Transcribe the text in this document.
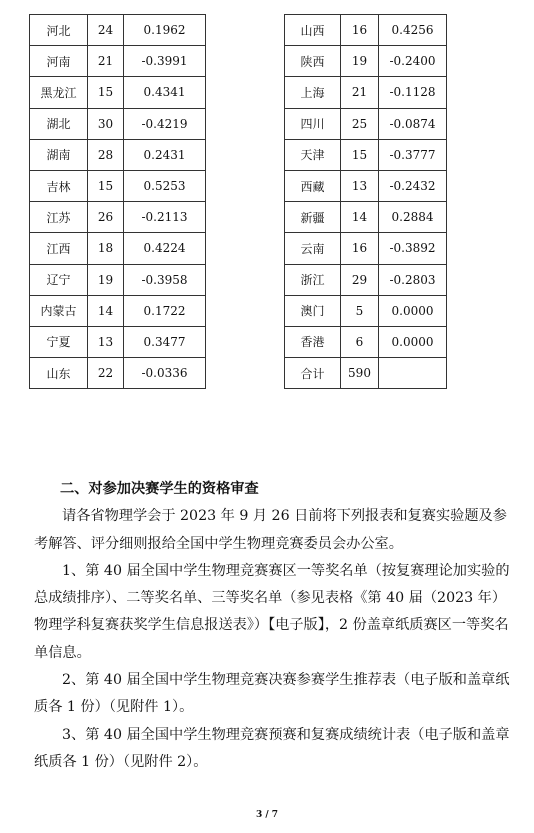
河北	24	0.1962
河南	21	-0.3991
黑龙江	15	0.4341
湖北	30	-0.4219
湖南	28	0.2431
吉林	15	0.5253
江苏	26	-0.2113
江西	18	0.4224
辽宁	19	-0.3958
内蒙古	14	0.1722
宁夏	13	0.3477
山东	22	-0.0336
山西	16	0.4256
陕西	19	-0.2400
上海	21	-0.1128
四川	25	-0.0874
天津	15	-0.3777
西藏	13	-0.2432
新疆	14	0.2884
云南	16	-0.3892
浙江	29	-0.2803
澳门	5	0.0000
香港	6	0.0000
合计	590	

二、对参加决赛学生的资格审查

请各省物理学会于 2023 年 9 月 26 日前将下列报表和复赛实验题及参考解答、评分细则报给全国中学生物理竞赛委员会办公室。

1、第 40 届全国中学生物理竞赛赛区一等奖名单（按复赛理论加实验的总成绩排序）、二等奖名单、三等奖名单（参见表格《第 40 届（2023 年）物理学科复赛获奖学生信息报送表》）【电子版】，2 份盖章纸质赛区一等奖名单信息。

2、第 40 届全国中学生物理竞赛决赛参赛学生推荐表（电子版和盖章纸质各 1 份）（见附件 1）。

3、第 40 届全国中学生物理竞赛预赛和复赛成绩统计表（电子版和盖章纸质各 1 份）（见附件 2）。

3 / 7
